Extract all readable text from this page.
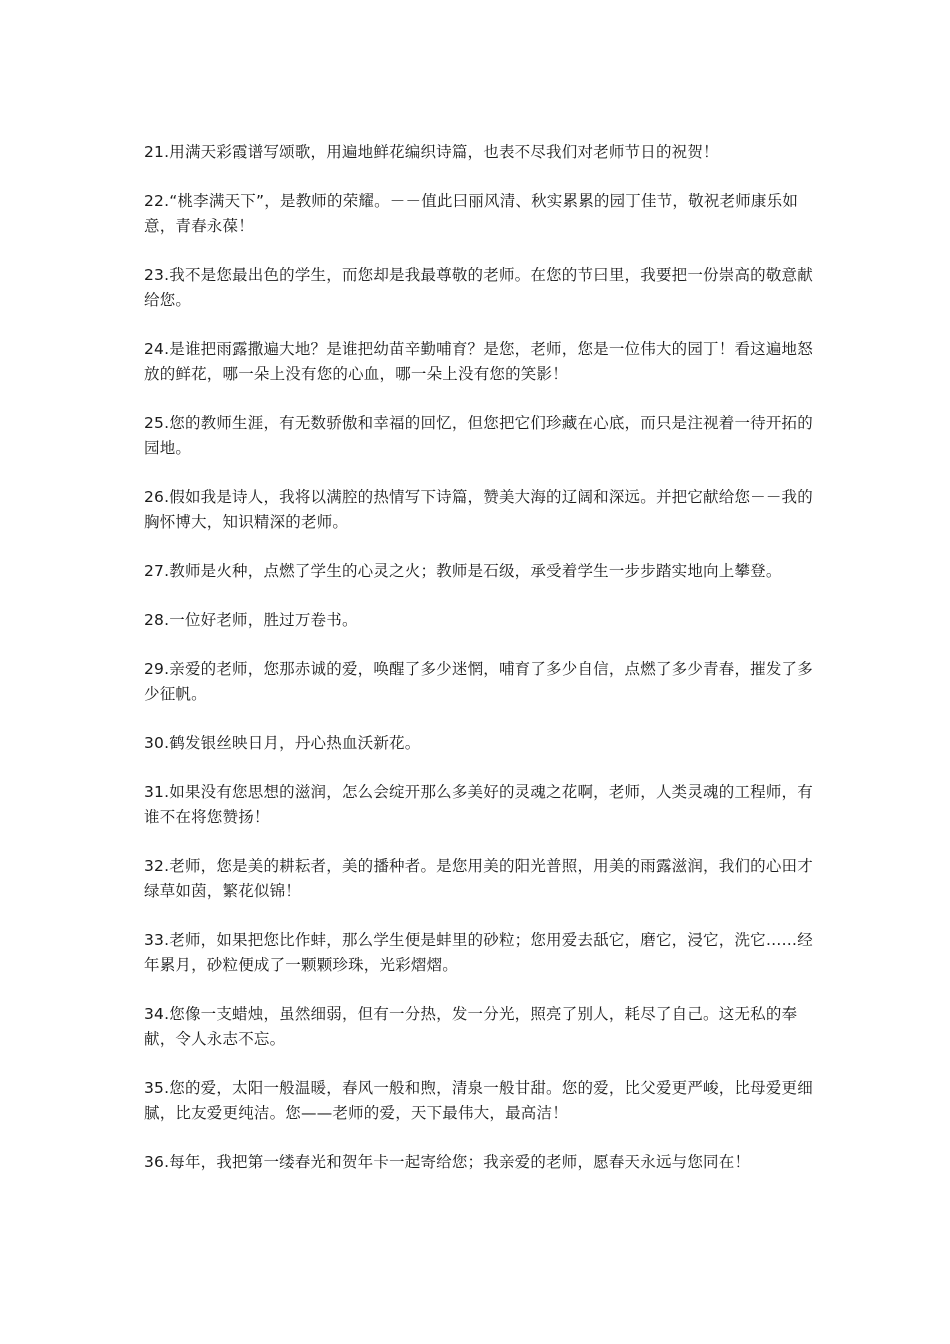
21.用满天彩霞谱写颂歌，用遍地鲜花编织诗篇，也表不尽我们对老师节日的祝贺！

22.“桃李满天下”，是教师的荣耀。－－值此曰丽风清、秋实累累的园丁佳节，敬祝老师康乐如意，青春永葆！

23.我不是您最出色的学生，而您却是我最尊敬的老师。在您的节曰里，我要把一份崇高的敬意献给您。

24.是谁把雨露撒遍大地？是谁把幼苗辛勤哺育？是您，老师，您是一位伟大的园丁！看这遍地怒放的鲜花，哪一朵上没有您的心血，哪一朵上没有您的笑影！

25.您的教师生涯，有无数骄傲和幸福的回忆，但您把它们珍藏在心底，而只是注视着一待开拓的园地。

26.假如我是诗人，我将以满腔的热情写下诗篇，赞美大海的辽阔和深远。并把它献给您－－我的胸怀博大，知识精深的老师。

27.教师是火种，点燃了学生的心灵之火；教师是石级，承受着学生一步步踏实地向上攀登。

28.一位好老师，胜过万卷书。

29.亲爱的老师，您那赤诚的爱，唤醒了多少迷惘，哺育了多少自信，点燃了多少青春，摧发了多少征帆。

30.鹤发银丝映日月，丹心热血沃新花。

31.如果没有您思想的滋润，怎么会绽开那么多美好的灵魂之花啊，老师，人类灵魂的工程师，有谁不在将您赞扬！

32.老师，您是美的耕耘者，美的播种者。是您用美的阳光普照，用美的雨露滋润，我们的心田才绿草如茵，繁花似锦！

33.老师，如果把您比作蚌，那么学生便是蚌里的砂粒；您用爱去舐它，磨它，浸它，洗它……经年累月，砂粒便成了一颗颗珍珠，光彩熠熠。

34.您像一支蜡烛，虽然细弱，但有一分热，发一分光，照亮了别人，耗尽了自己。这无私的奉献，令人永志不忘。

35.您的爱，太阳一般温暖，春风一般和煦，清泉一般甘甜。您的爱，比父爱更严峻，比母爱更细腻，比友爱更纯洁。您——老师的爱，天下最伟大，最高洁！

36.每年，我把第一缕春光和贺年卡一起寄给您；我亲爱的老师，愿春天永远与您同在！
